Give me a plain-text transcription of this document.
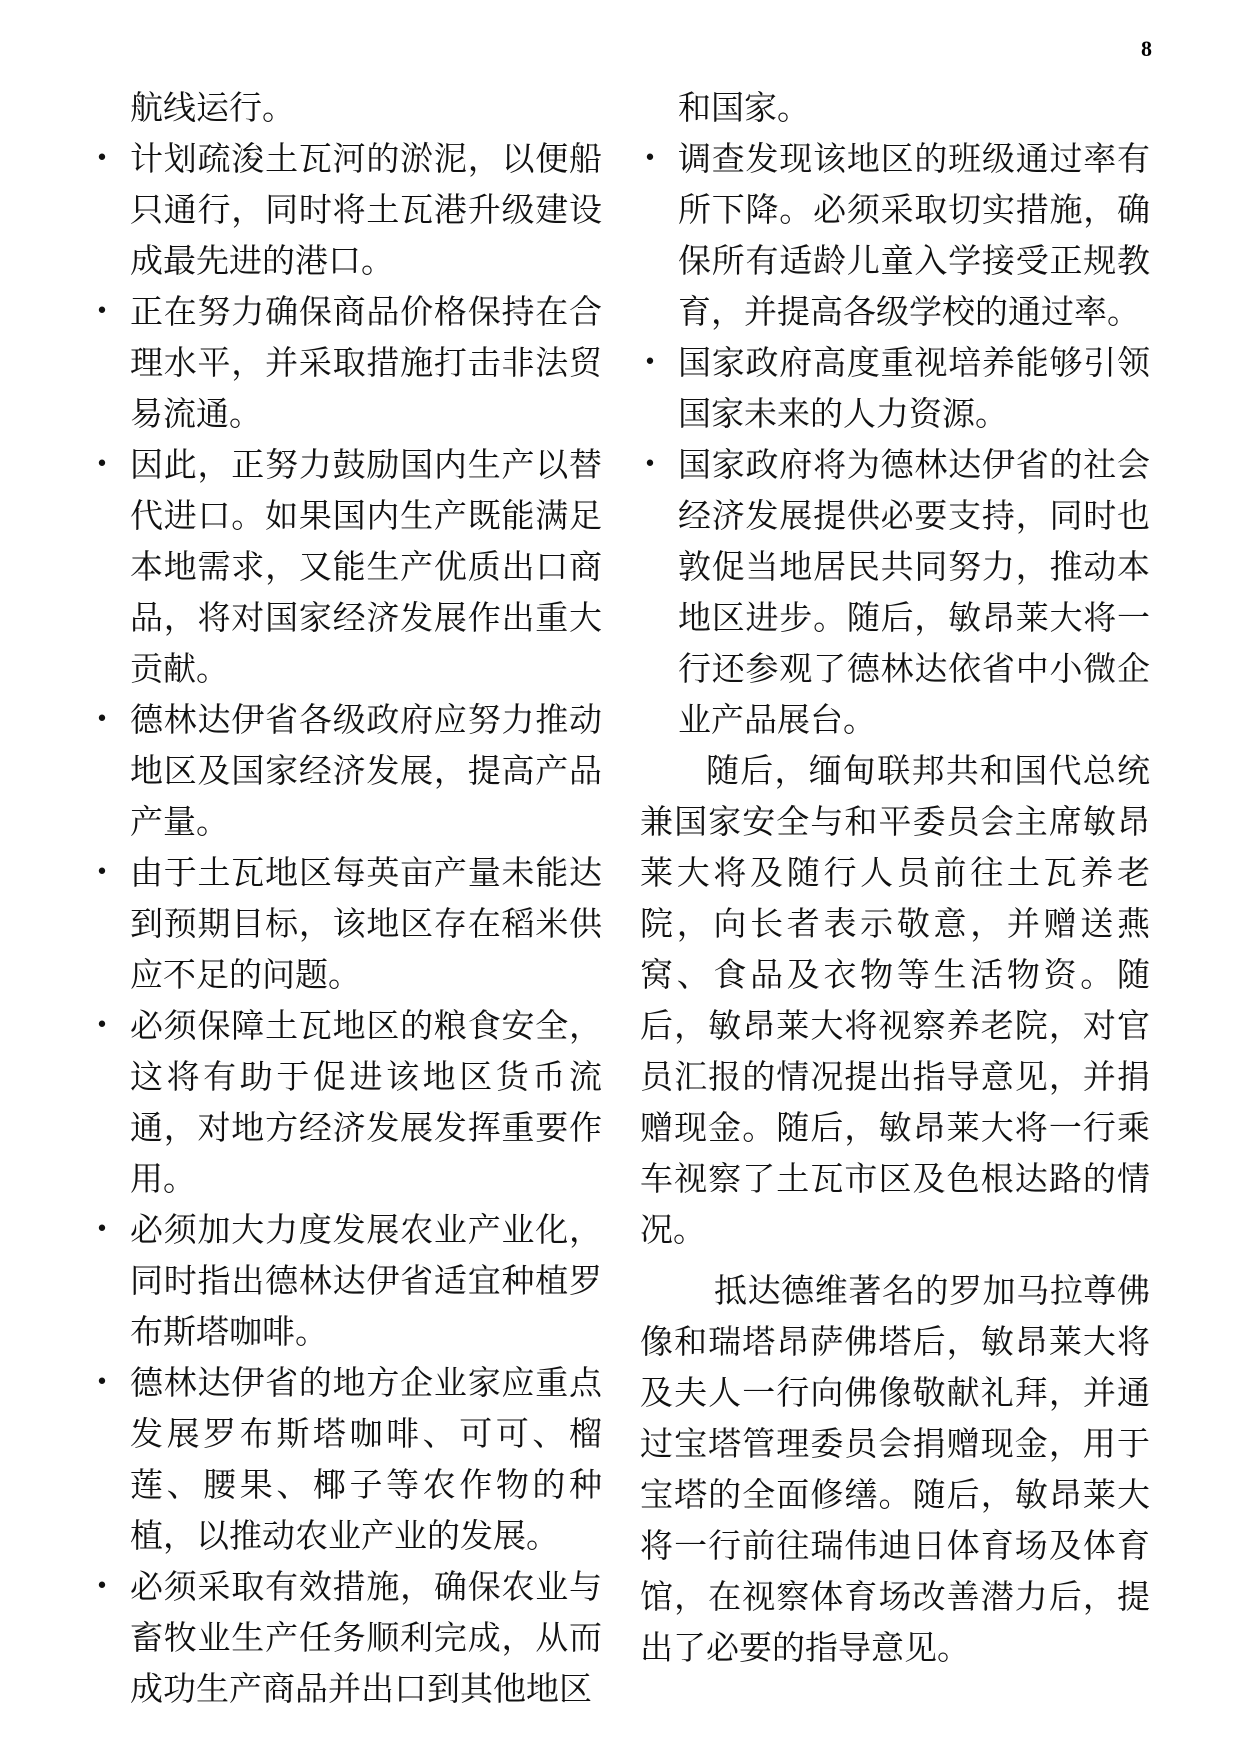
8

航线运行。

• 计划疏浚土瓦河的淤泥，以便船只通行，同时将土瓦港升级建设成最先进的港口。
• 正在努力确保商品价格保持在合理水平，并采取措施打击非法贸易流通。
• 因此，正努力鼓励国内生产以替代进口。如果国内生产既能满足本地需求，又能生产优质出口商品，将对国家经济发展作出重大贡献。
• 德林达伊省各级政府应努力推动地区及国家经济发展，提高产品产量。
• 由于土瓦地区每英亩产量未能达到预期目标，该地区存在稻米供应不足的问题。
• 必须保障土瓦地区的粮食安全，这将有助于促进该地区货币流通，对地方经济发展发挥重要作用。
• 必须加大力度发展农业产业化，同时指出德林达伊省适宜种植罗布斯塔咖啡。
• 德林达伊省的地方企业家应重点发展罗布斯塔咖啡、可可、榴莲、腰果、椰子等农作物的种植，以推动农业产业的发展。
• 必须采取有效措施，确保农业与畜牧业生产任务顺利完成，从而成功生产商品并出口到其他地区

和国家。

• 调查发现该地区的班级通过率有所下降。必须采取切实措施，确保所有适龄儿童入学接受正规教育，并提高各级学校的通过率。
• 国家政府高度重视培养能够引领国家未来的人力资源。
• 国家政府将为德林达伊省的社会经济发展提供必要支持，同时也敦促当地居民共同努力，推动本地区进步。随后，敏昂莱大将一行还参观了德林达依省中小微企业产品展台。

随后，缅甸联邦共和国代总统兼国家安全与和平委员会主席敏昂莱大将及随行人员前往土瓦养老院，向长者表示敬意，并赠送燕窝、食品及衣物等生活物资。随后，敏昂莱大将视察养老院，对官员汇报的情况提出指导意见，并捐赠现金。随后，敏昂莱大将一行乘车视察了土瓦市区及色根达路的情况。

抵达德维著名的罗加马拉尊佛像和瑞塔昂萨佛塔后，敏昂莱大将及夫人一行向佛像敬献礼拜，并通过宝塔管理委员会捐赠现金，用于宝塔的全面修缮。随后，敏昂莱大将一行前往瑞伟迪日体育场及体育馆，在视察体育场改善潜力后，提出了必要的指导意见。
